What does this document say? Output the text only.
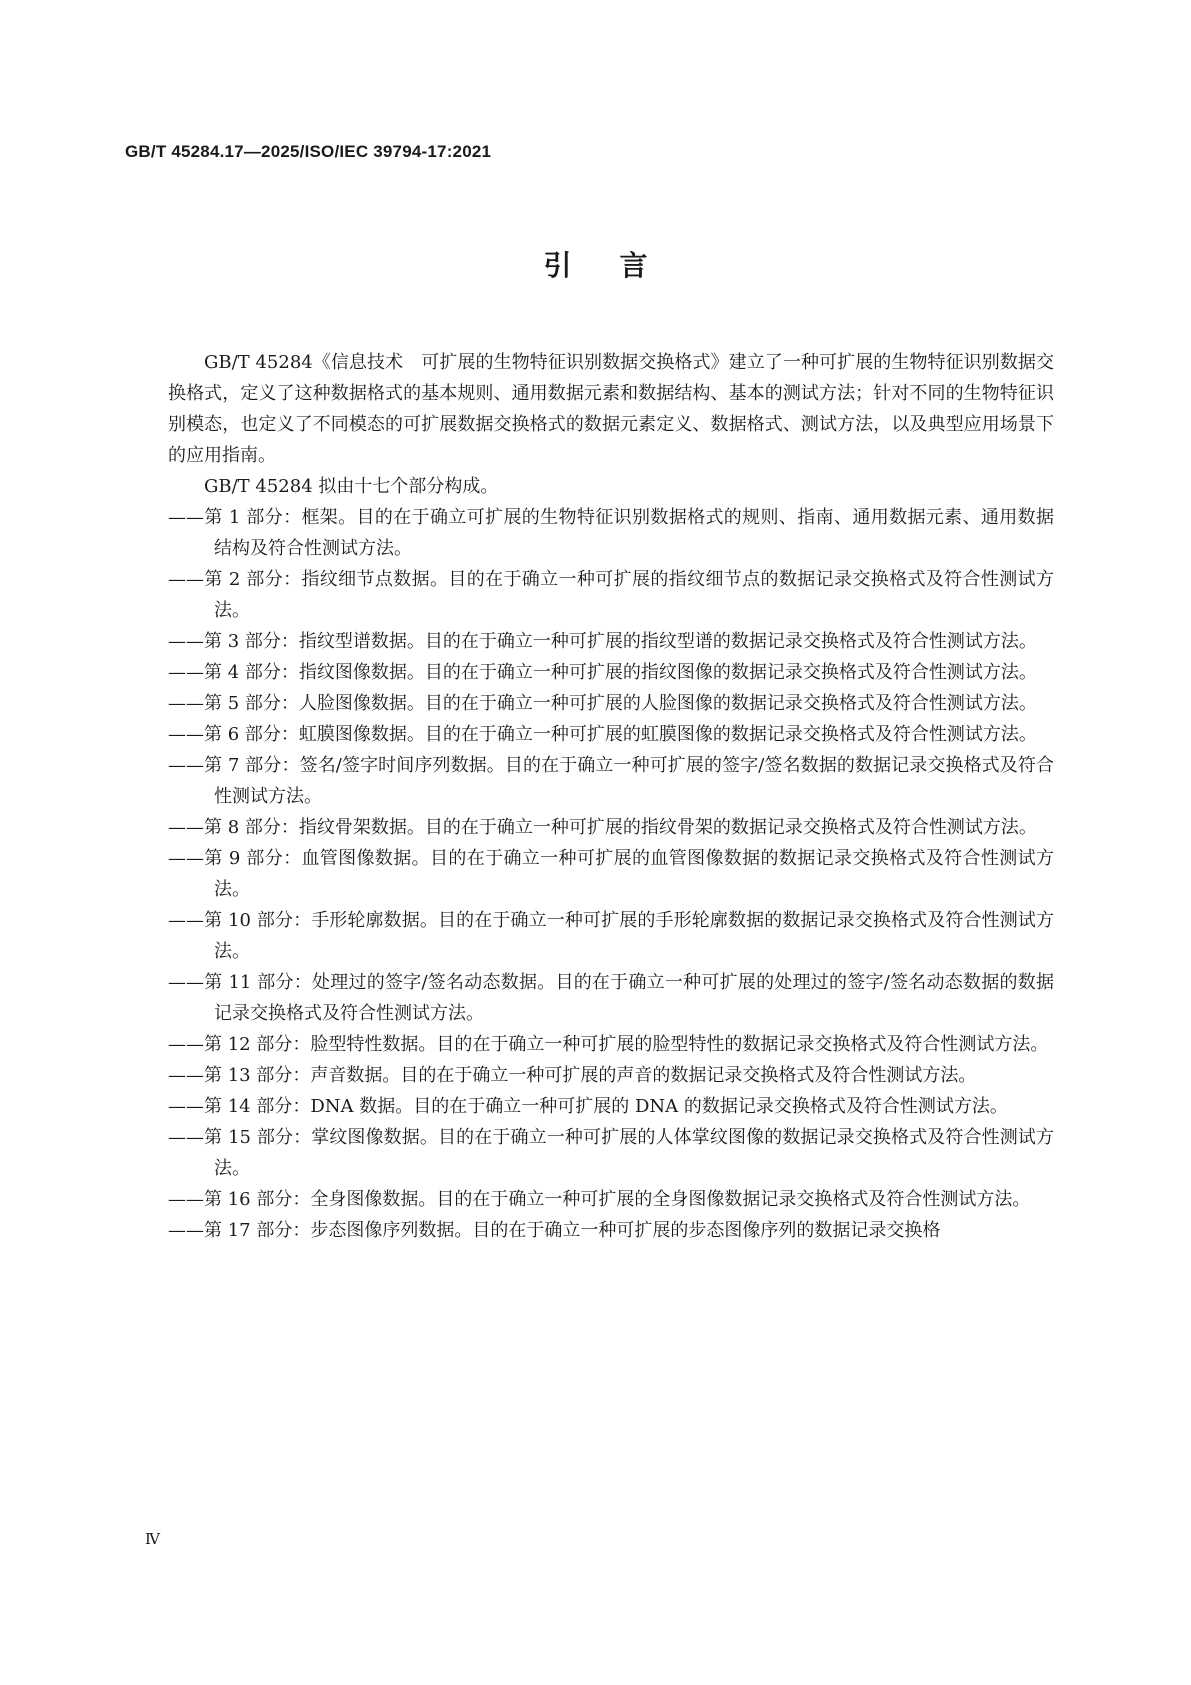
GB/T 45284.17—2025/ISO/IEC 39794-17:2021
引言

GB/T 45284《信息技术　可扩展的生物特征识别数据交换格式》建立了一种可扩展的生物特征识别数据交换格式，定义了这种数据格式的基本规则、通用数据元素和数据结构、基本的测试方法；针对不同的生物特征识别模态，也定义了不同模态的可扩展数据交换格式的数据元素定义、数据格式、测试方法，以及典型应用场景下的应用指南。

GB/T 45284 拟由十七个部分构成。

——第 1 部分：框架。目的在于确立可扩展的生物特征识别数据格式的规则、指南、通用数据元素、通用数据结构及符合性测试方法。
——第 2 部分：指纹细节点数据。目的在于确立一种可扩展的指纹细节点的数据记录交换格式及符合性测试方法。
——第 3 部分：指纹型谱数据。目的在于确立一种可扩展的指纹型谱的数据记录交换格式及符合性测试方法。
——第 4 部分：指纹图像数据。目的在于确立一种可扩展的指纹图像的数据记录交换格式及符合性测试方法。
——第 5 部分：人脸图像数据。目的在于确立一种可扩展的人脸图像的数据记录交换格式及符合性测试方法。
——第 6 部分：虹膜图像数据。目的在于确立一种可扩展的虹膜图像的数据记录交换格式及符合性测试方法。
——第 7 部分：签名/签字时间序列数据。目的在于确立一种可扩展的签字/签名数据的数据记录交换格式及符合性测试方法。
——第 8 部分：指纹骨架数据。目的在于确立一种可扩展的指纹骨架的数据记录交换格式及符合性测试方法。
——第 9 部分：血管图像数据。目的在于确立一种可扩展的血管图像数据的数据记录交换格式及符合性测试方法。
——第 10 部分：手形轮廓数据。目的在于确立一种可扩展的手形轮廓数据的数据记录交换格式及符合性测试方法。
——第 11 部分：处理过的签字/签名动态数据。目的在于确立一种可扩展的处理过的签字/签名动态数据的数据记录交换格式及符合性测试方法。
——第 12 部分：脸型特性数据。目的在于确立一种可扩展的脸型特性的数据记录交换格式及符合性测试方法。
——第 13 部分：声音数据。目的在于确立一种可扩展的声音的数据记录交换格式及符合性测试方法。
——第 14 部分：DNA 数据。目的在于确立一种可扩展的 DNA 的数据记录交换格式及符合性测试方法。
——第 15 部分：掌纹图像数据。目的在于确立一种可扩展的人体掌纹图像的数据记录交换格式及符合性测试方法。
——第 16 部分：全身图像数据。目的在于确立一种可扩展的全身图像数据记录交换格式及符合性测试方法。
——第 17 部分：步态图像序列数据。目的在于确立一种可扩展的步态图像序列的数据记录交换格
Ⅳ
